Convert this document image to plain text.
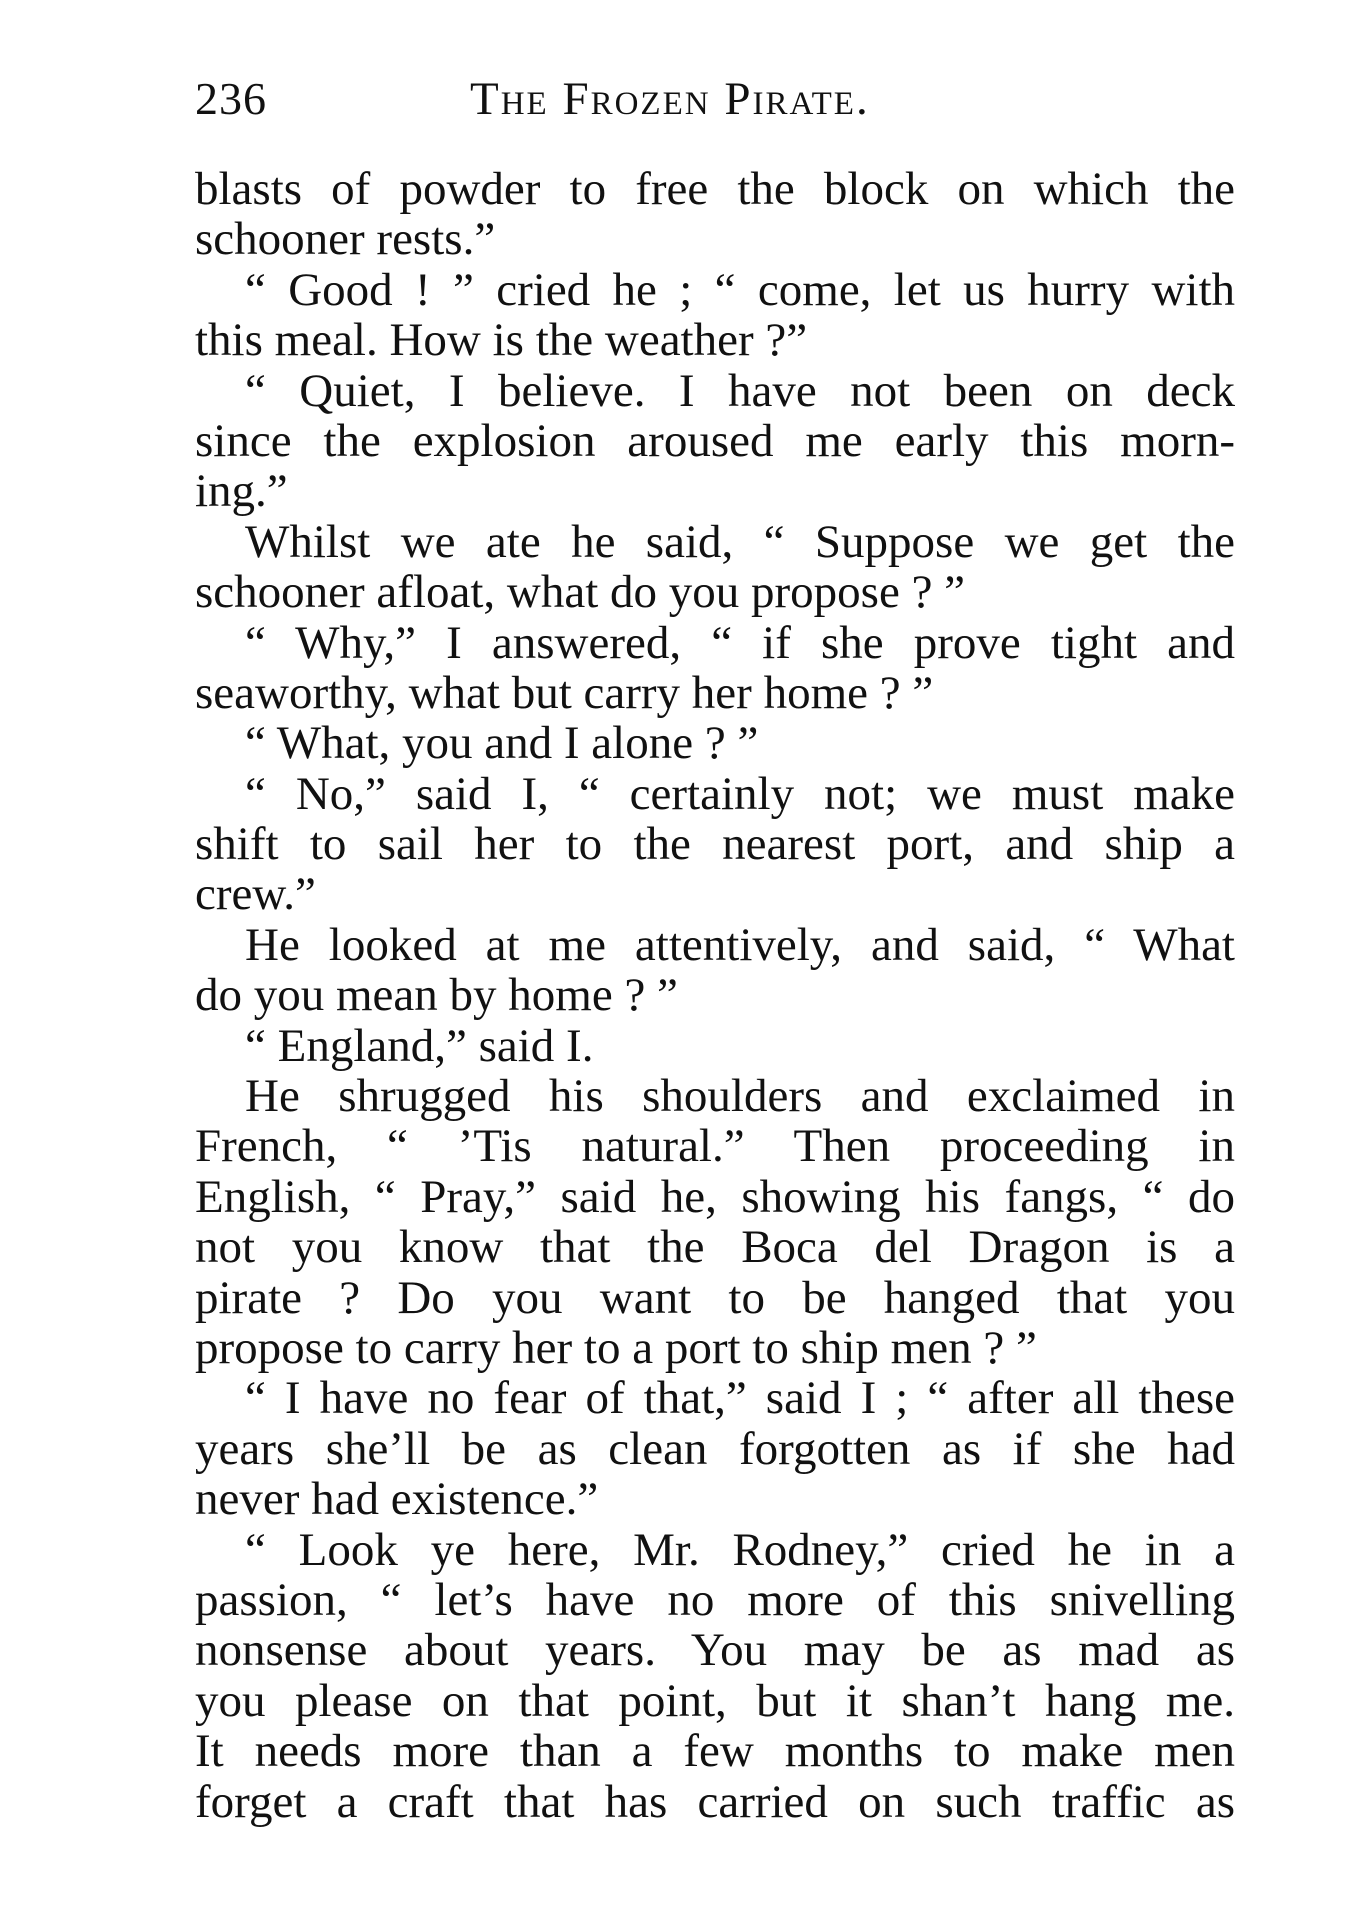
236	The Frozen Pirate.
blasts of powder to free the block on which the
schooner rests.”
“ Good ! ” cried he ; “ come, let us hurry with
this meal. How is the weather ?”
“ Quiet, I believe. I have not been on deck
since the explosion aroused me early this morn-
ing.”
Whilst we ate he said, “ Suppose we get the
schooner afloat, what do you propose ? ”
“ Why,” I answered, “ if she prove tight and
seaworthy, what but carry her home ? ”
“ What, you and I alone ? ”
“ No,” said I, “ certainly not; we must make
shift to sail her to the nearest port, and ship a
crew.”
He looked at me attentively, and said, “ What
do you mean by home ? ”
“ England,” said I.
He shrugged his shoulders and exclaimed in
French, “ ’Tis natural.” Then proceeding in
English, “ Pray,” said he, showing his fangs, “ do
not you know that the Boca del Dragon is a
pirate ? Do you want to be hanged that you
propose to carry her to a port to ship men ? ”
“ I have no fear of that,” said I ; “ after all these
years she’ll be as clean forgotten as if she had
never had existence.”
“ Look ye here, Mr. Rodney,” cried he in a
passion, “ let’s have no more of this snivelling
nonsense about years. You may be as mad as
you please on that point, but it shan’t hang me.
It needs more than a few months to make men
forget a craft that has carried on such traffic as
